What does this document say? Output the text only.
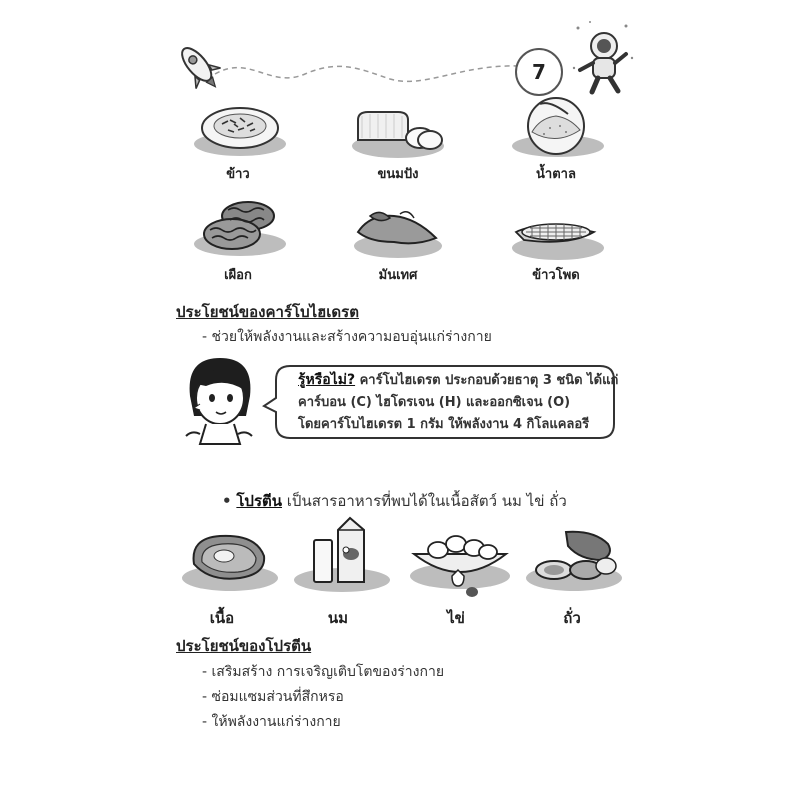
7
ข้าว	ขนมปัง	น้ำตาล
เผือก	มันเทศ	ข้าวโพด
ประโยชน์ของคาร์โบไฮเดรต
- ช่วยให้พลังงานและสร้างความอบอุ่นแก่ร่างกาย
รู้หรือไม่? คาร์โบไฮเดรต ประกอบด้วยธาตุ 3 ชนิด ได้แก่
คาร์บอน (C) ไฮโดรเจน (H) และออกซิเจน (O)
โดยคาร์โบไฮเดรต 1 กรัม ให้พลังงาน 4 กิโลแคลอรี
• โปรตีน เป็นสารอาหารที่พบได้ในเนื้อสัตว์ นม ไข่ ถั่ว
เนื้อ	นม	ไข่	ถั่ว
ประโยชน์ของโปรตีน
- เสริมสร้าง การเจริญเติบโตของร่างกาย
- ซ่อมแซมส่วนที่สึกหรอ
- ให้พลังงานแก่ร่างกาย
